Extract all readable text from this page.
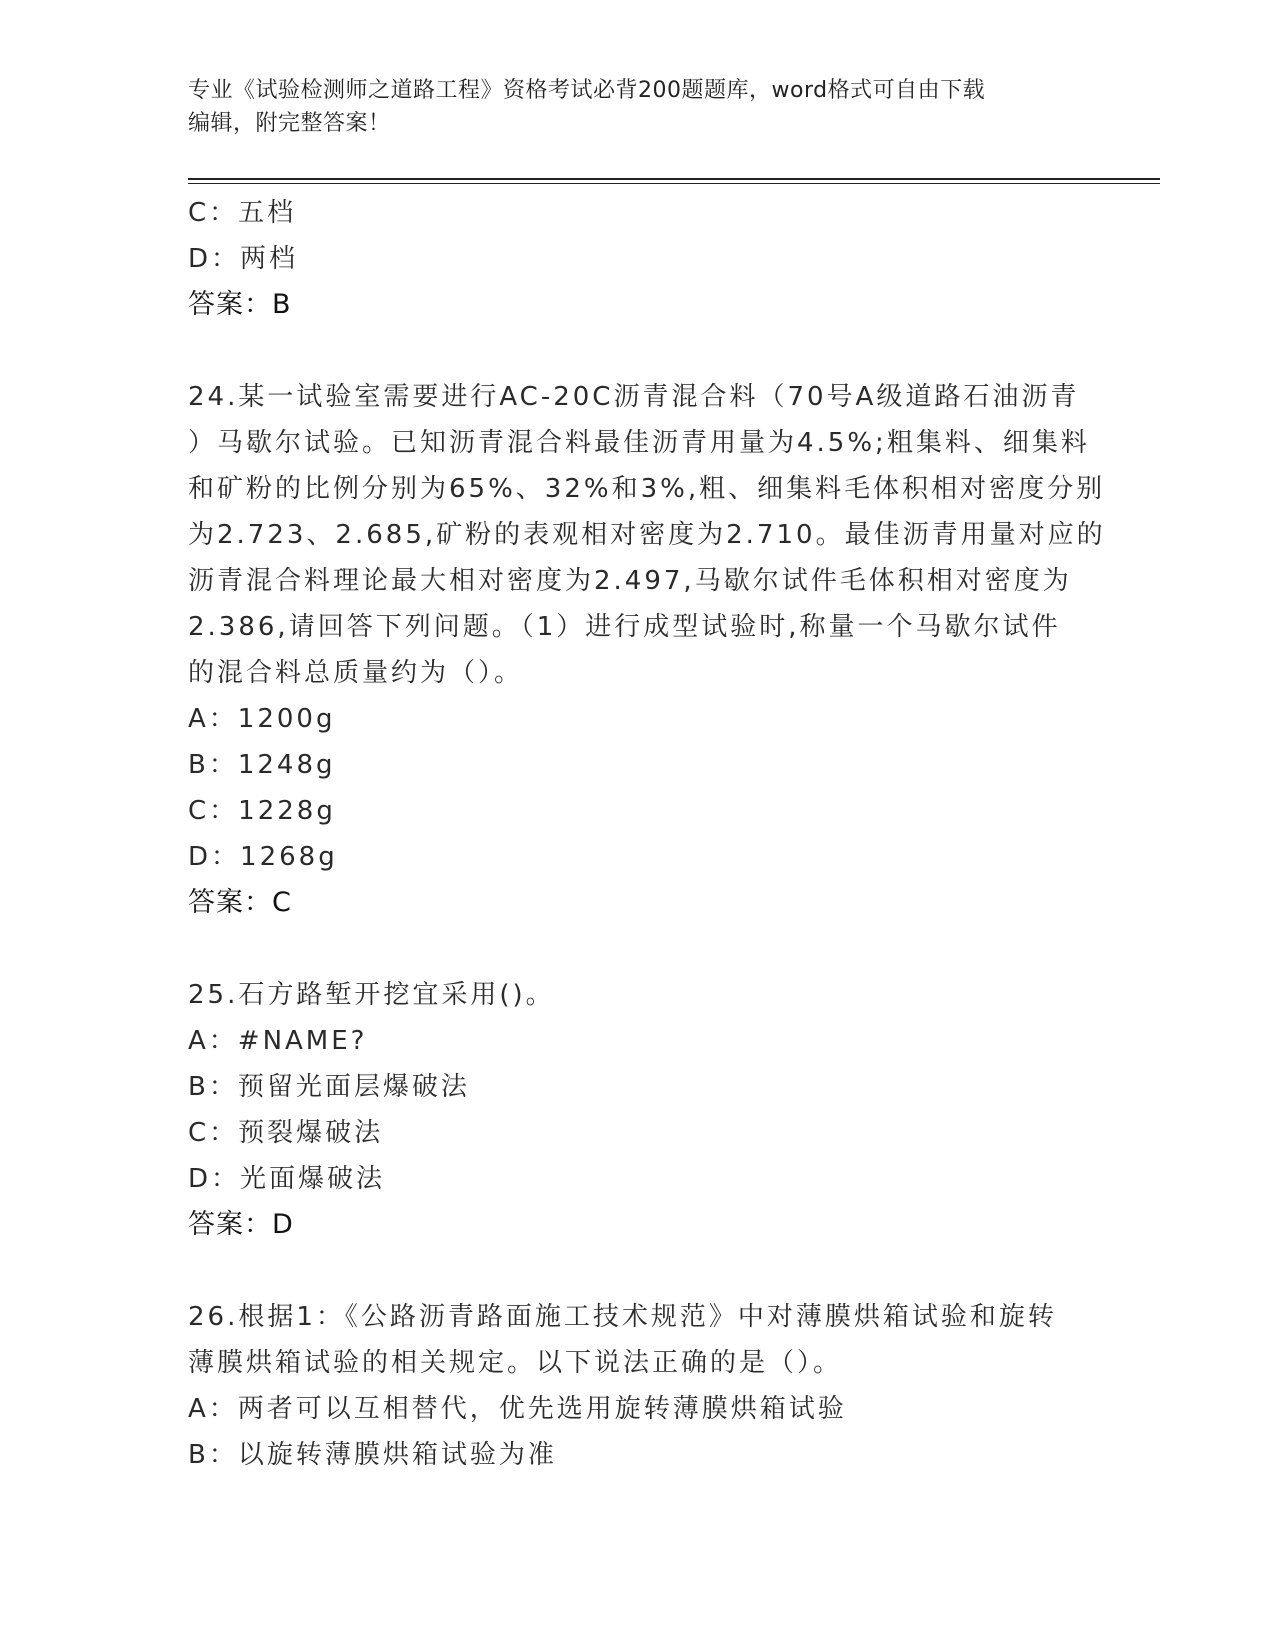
专业《试验检测师之道路工程》资格考试必背200题题库，word格式可自由下载
编辑，附完整答案！
C：五档
D：两档
答案：B
24.某一试验室需要进行AC-20C沥青混合料（70号A级道路石油沥青
）马歇尔试验。已知沥青混合料最佳沥青用量为4.5%;粗集料、细集料
和矿粉的比例分别为65%、32%和3%,粗、细集料毛体积相对密度分别
为2.723、2.685,矿粉的表观相对密度为2.710。最佳沥青用量对应的
沥青混合料理论最大相对密度为2.497,马歇尔试件毛体积相对密度为
2.386,请回答下列问题。（1）进行成型试验时,称量一个马歇尔试件
的混合料总质量约为（）。
A：1200g
B：1248g
C：1228g
D：1268g
答案：C
25.石方路堑开挖宜采用()。
A：#NAME?
B：预留光面层爆破法
C：预裂爆破法
D：光面爆破法
答案：D
26.根据1：《公路沥青路面施工技术规范》中对薄膜烘箱试验和旋转
薄膜烘箱试验的相关规定。以下说法正确的是（）。
A：两者可以互相替代，优先选用旋转薄膜烘箱试验
B：以旋转薄膜烘箱试验为准
